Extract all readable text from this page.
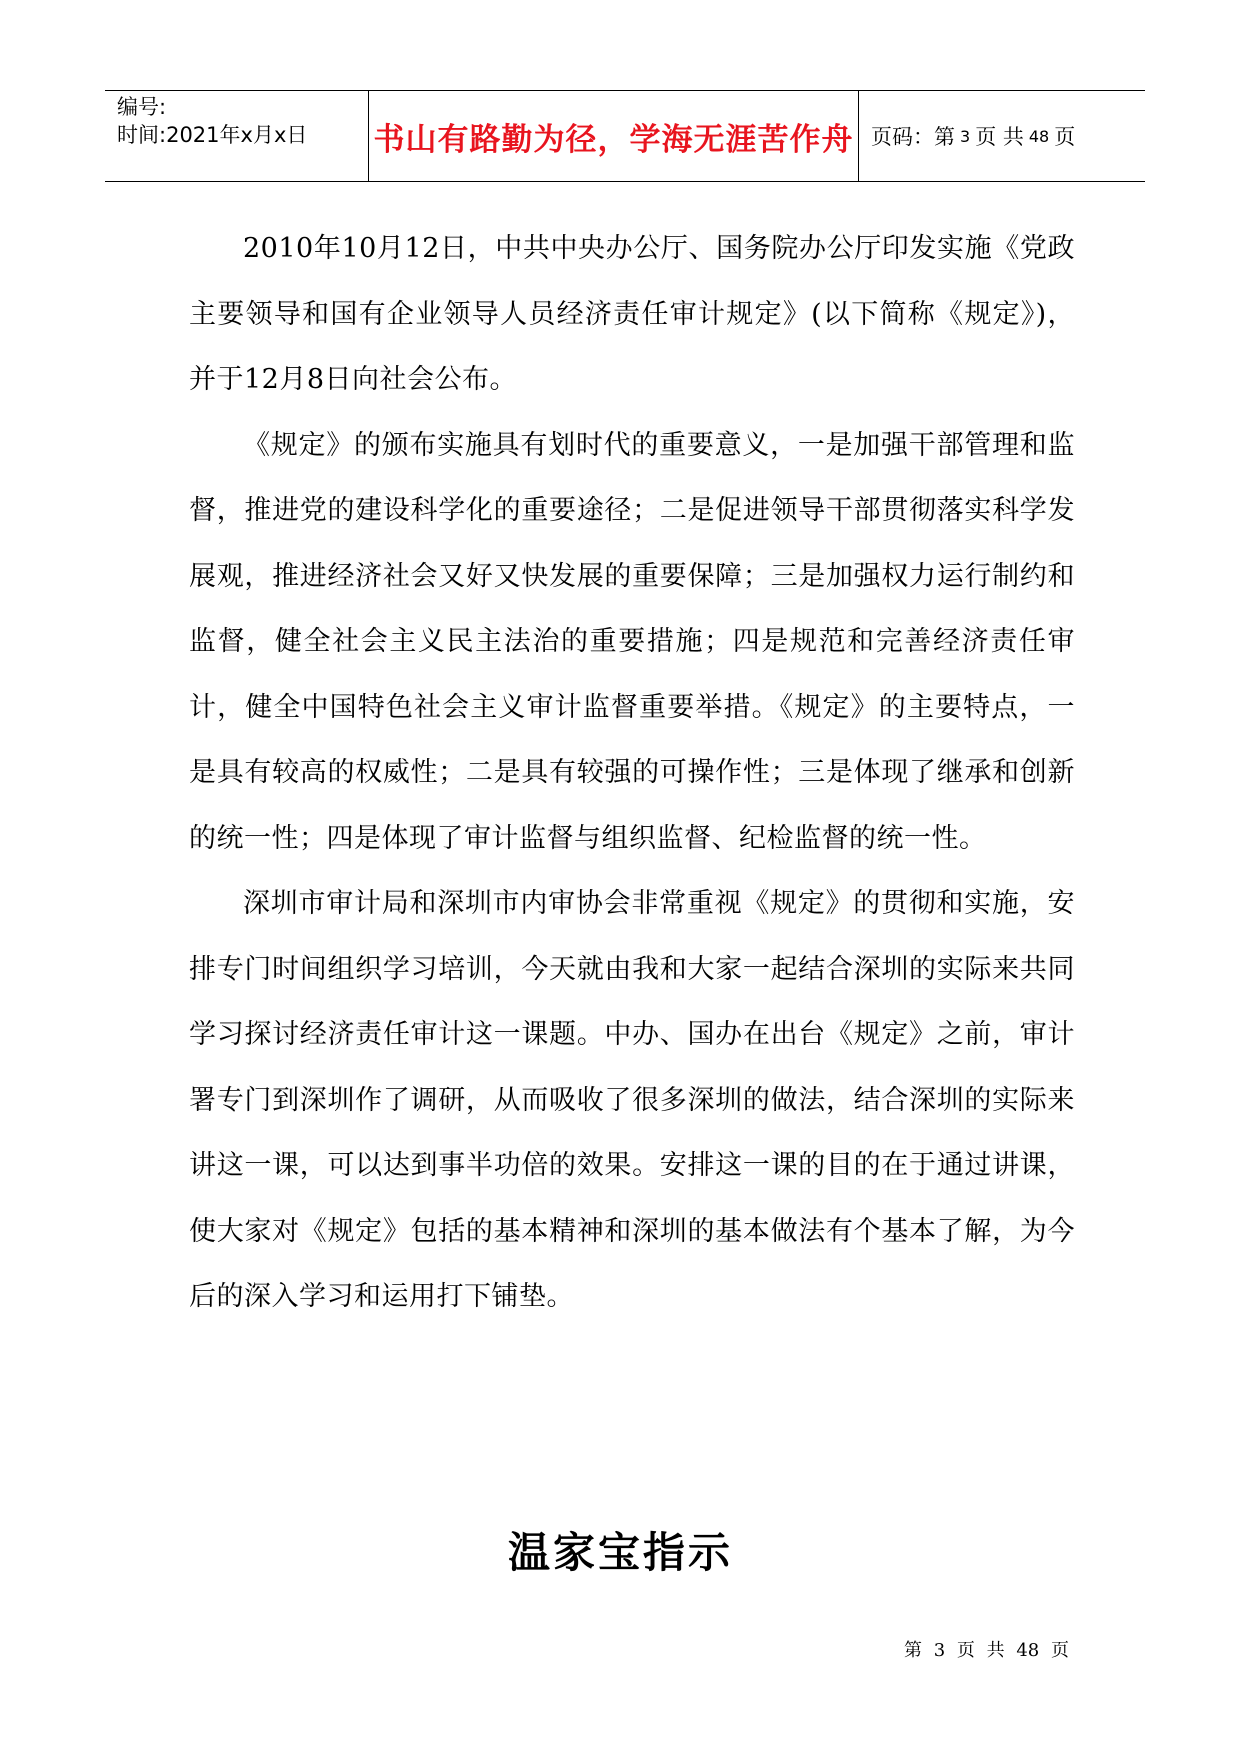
编号:
时间:2021年x月x日	书山有路勤为径，学海无涯苦作舟 页码：第 3 页 共 48 页

2010年10月12日，中共中央办公厅、国务院办公厅印发实施《党政主要领导和国有企业领导人员经济责任审计规定》(以下简称《规定》)，并于12月8日向社会公布。

《规定》的颁布实施具有划时代的重要意义，一是加强干部管理和监督，推进党的建设科学化的重要途径；二是促进领导干部贯彻落实科学发展观，推进经济社会又好又快发展的重要保障；三是加强权力运行制约和监督，健全社会主义民主法治的重要措施；四是规范和完善经济责任审计，健全中国特色社会主义审计监督重要举措。《规定》的主要特点，一是具有较高的权威性；二是具有较强的可操作性；三是体现了继承和创新的统一性；四是体现了审计监督与组织监督、纪检监督的统一性。

深圳市审计局和深圳市内审协会非常重视《规定》的贯彻和实施，安排专门时间组织学习培训，今天就由我和大家一起结合深圳的实际来共同学习探讨经济责任审计这一课题。中办、国办在出台《规定》之前，审计署专门到深圳作了调研，从而吸收了很多深圳的做法，结合深圳的实际来讲这一课，可以达到事半功倍的效果。安排这一课的目的在于通过讲课，使大家对《规定》包括的基本精神和深圳的基本做法有个基本了解，为今后的深入学习和运用打下铺垫。

温家宝指示
第 3 页 共 48 页
